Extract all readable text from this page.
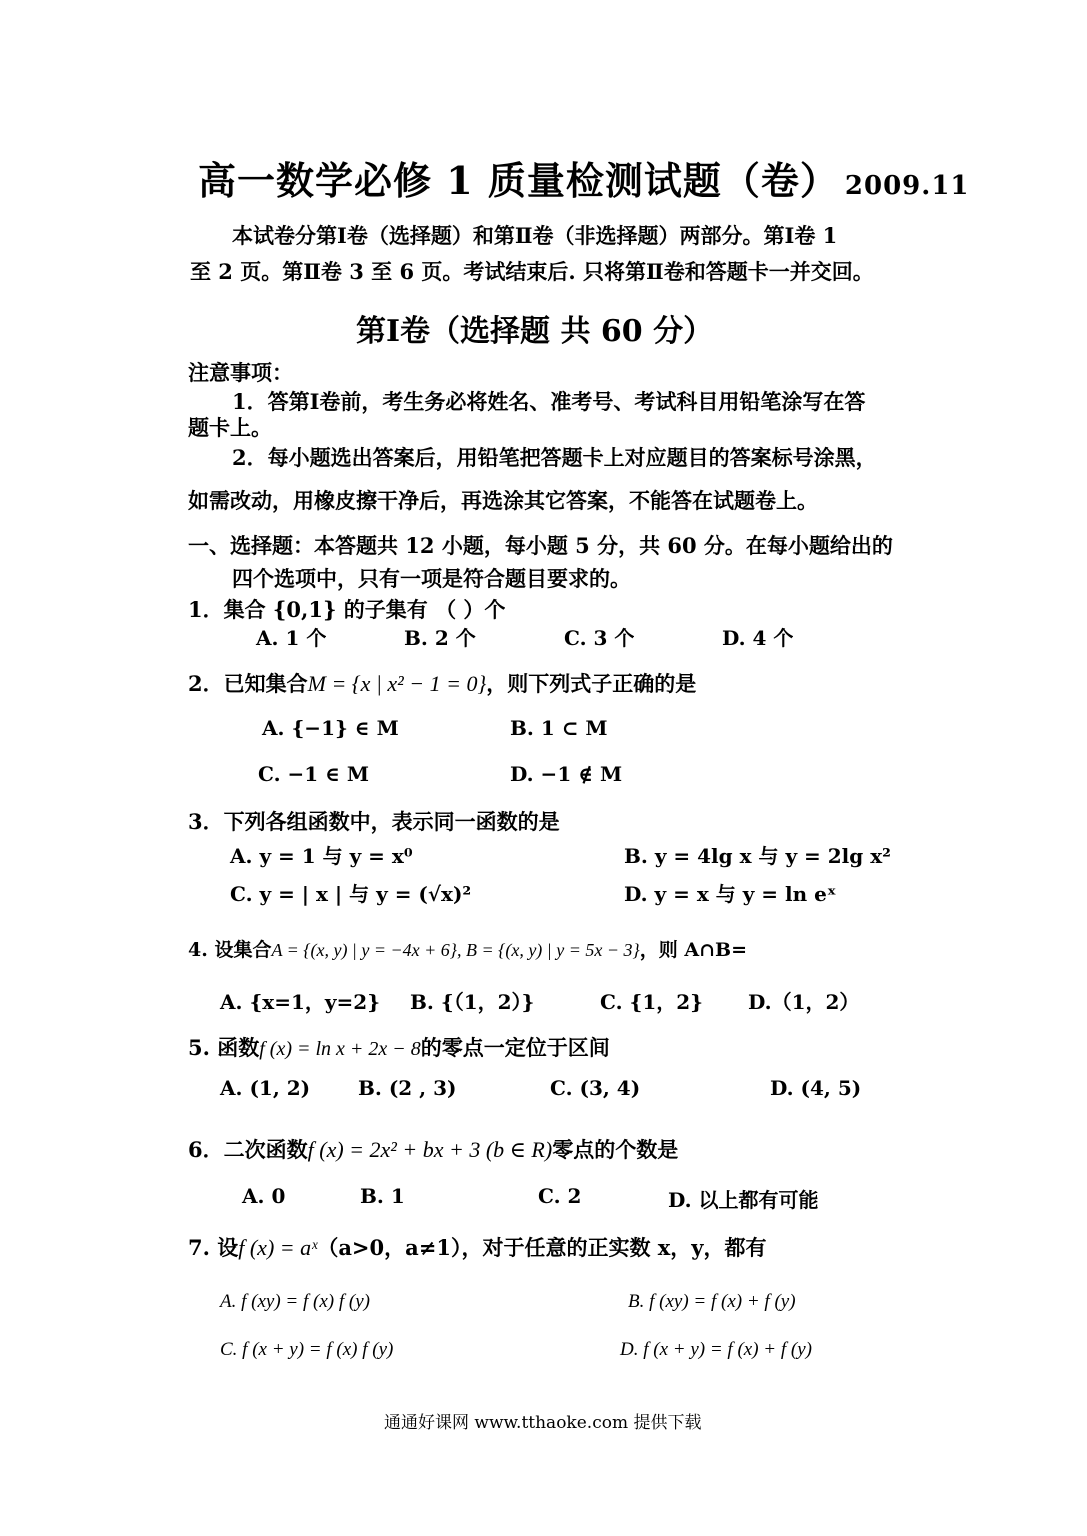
高一数学必修 1 质量检测试题（卷） 2009.11
本试卷分第Ⅰ卷（选择题）和第Ⅱ卷（非选择题）两部分。第Ⅰ卷 1
至 2 页。第Ⅱ卷 3 至 6 页。考试结束后. 只将第Ⅱ卷和答题卡一并交回。
第Ⅰ卷（选择题 共 60 分）
注意事项：
1．答第Ⅰ卷前，考生务必将姓名、准考号、考试科目用铅笔涂写在答
题卡上。
2．每小题选出答案后，用铅笔把答题卡上对应题目的答案标号涂黑，
如需改动，用橡皮擦干净后，再选涂其它答案，不能答在试题卷上。
一、选择题：本答题共 12 小题，每小题 5 分，共 60 分。在每小题给出的
四个选项中，只有一项是符合题目要求的。
1．集合 {0,1} 的子集有 （ ）个
A. 1 个	B. 2 个	C. 3 个	D. 4 个
2．已知集合M = {x | x² − 1 = 0}，则下列式子正确的是
A. {−1} ∈ M	B. 1 ⊂ M
C. −1 ∈ M	D. −1 ∉ M
3．下列各组函数中，表示同一函数的是
A. y = 1 与 y = x⁰	B. y = 4lg x 与 y = 2lg x²
C. y = | x | 与 y = (√x)²	D. y = x 与 y = ln eˣ
4. 设集合A = {(x, y) | y = −4x + 6}, B = {(x, y) | y = 5x − 3}，则 A∩B=
A. {x=1，y=2} B. {（1，2）}	C. {1，2} D.（1，2）
5. 函数f (x) = ln x + 2x − 8的零点一定位于区间
A. (1, 2) B. (2 , 3)	C. (3, 4)	D. (4, 5)
6．二次函数f (x) = 2x² + bx + 3 (b ∈ R)零点的个数是
A. 0	B. 1	C. 2	D. 以上都有可能
7. 设f (x) = aˣ（a>0，a≠1），对于任意的正实数 x，y，都有
A. f (xy) = f (x) f (y)	B. f (xy) = f (x) + f (y)
C. f (x + y) = f (x) f (y)	D. f (x + y) = f (x) + f (y)
通通好课网 www.tthaoke.com 提供下载
